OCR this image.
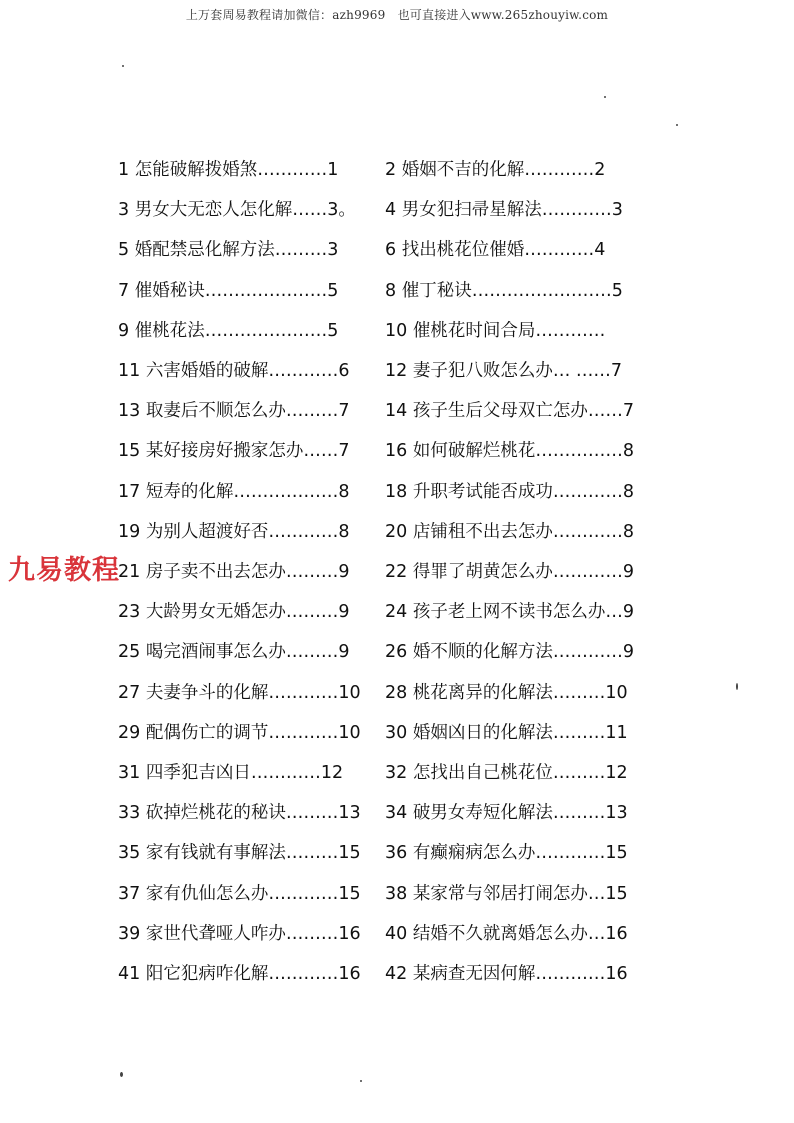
上万套周易教程请加微信：azh9969　也可直接进入www.265zhouyiw.com
九易教程
1 怎能破解拨婚煞…………1	2 婚姻不吉的化解…………2
3 男女大无恋人怎化解……3。	4 男女犯扫帚星解法…………3
5 婚配禁忌化解方法………3	6 找出桃花位催婚…………4
7 催婚秘诀…………………5	8 催丁秘诀……………………5
9 催桃花法…………………5	10 催桃花时间合局…………
11 六害婚婚的破解…………6	12 妻子犯八败怎么办… ……7
13 取妻后不顺怎么办………7	14 孩子生后父母双亡怎办……7
15 某好接房好搬家怎办……7	16 如何破解烂桃花……………8
17 短寿的化解………………8	18 升职考试能否成功…………8
19 为别人超渡好否…………8	20 店铺租不出去怎办…………8
21 房子卖不出去怎办………9	22 得罪了胡黄怎么办…………9
23 大龄男女无婚怎办………9	24 孩子老上网不读书怎么办…9
25 喝完酒闹事怎么办………9	26 婚不顺的化解方法…………9
27 夫妻争斗的化解…………10	28 桃花离异的化解法………10
29 配偶伤亡的调节…………10	30 婚姻凶日的化解法………11
31 四季犯吉凶日…………12	32 怎找出自己桃花位………12
33 砍掉烂桃花的秘诀………13	34 破男女寿短化解法………13
35 家有钱就有事解法………15	36 有癫痫病怎么办…………15
37 家有仇仙怎么办…………15	38 某家常与邻居打闹怎办…15
39 家世代聋哑人咋办………16	40 结婚不久就离婚怎么办…16
41 阳它犯病咋化解…………16	42 某病查无因何解…………16
